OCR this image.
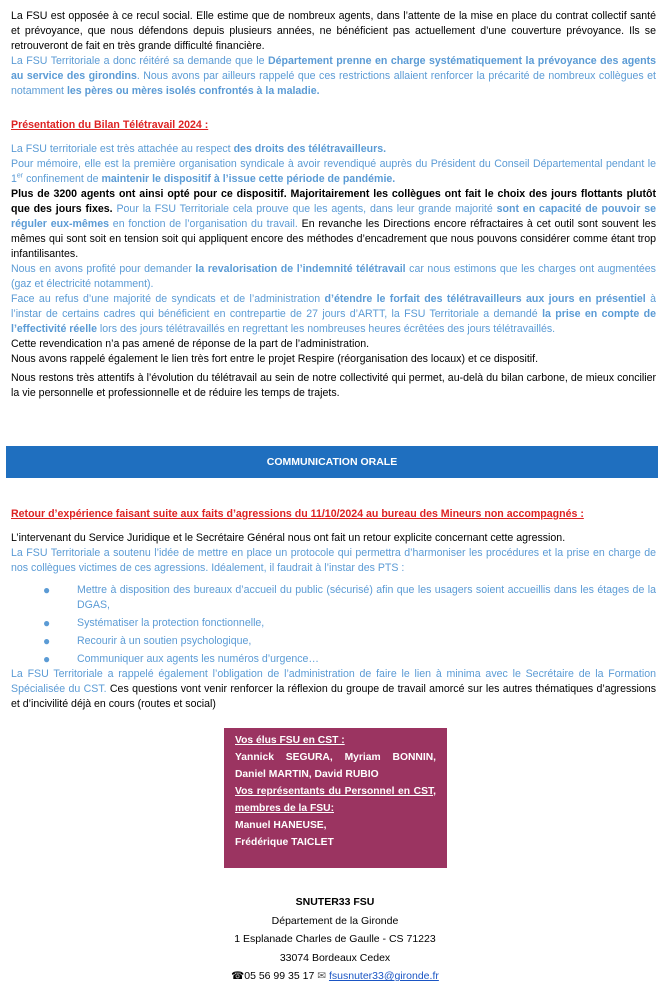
La FSU est opposée à ce recul social. Elle estime que de nombreux agents, dans l’attente de la mise en place du contrat collectif santé et prévoyance, que nous défendons depuis plusieurs années, ne bénéficient pas actuellement d’une couverture prévoyance. Ils se retrouveront de fait en très grande difficulté financière.

La FSU Territoriale a donc réitéré sa demande que le Département prenne en charge systématiquement la prévoyance des agents au service des girondins. Nous avons par ailleurs rappelé que ces restrictions allaient renforcer la précarité de nombreux collègues et notamment les pères ou mères isolés confrontés à la maladie.

Présentation du Bilan Télétravail 2024 :

La FSU territoriale est très attachée au respect des droits des télétravailleurs.

Pour mémoire, elle est la première organisation syndicale à avoir revendiqué auprès du Président du Conseil Départemental pendant le 1er confinement de maintenir le dispositif à l’issue cette période de pandémie.

Plus de 3200 agents ont ainsi opté pour ce dispositif. Majoritairement les collègues ont fait le choix des jours flottants plutôt que des jours fixes. Pour la FSU Territoriale cela prouve que les agents, dans leur grande majorité sont en capacité de pouvoir se réguler eux-mêmes en fonction de l’organisation du travail. En revanche les Directions encore réfractaires à cet outil sont souvent les mêmes qui sont soit en tension soit qui appliquent encore des méthodes d’encadrement que nous pouvons considérer comme étant trop infantilisantes.

Nous en avons profité pour demander la revalorisation de l’indemnité télétravail car nous estimons que les charges ont augmentées (gaz et électricité notamment).

Face au refus d’une majorité de syndicats et de l’administration d’étendre le forfait des télétravailleurs aux jours en présentiel à l’instar de certains cadres qui bénéficient en contrepartie de 27 jours d’ARTT, la FSU Territoriale a demandé la prise en compte de l’effectivité réelle lors des jours télétravaillés en regrettant les nombreuses heures écrêtées des jours télétravaillés.

Cette revendication n’a pas amené de réponse de la part de l’administration.

Nous avons rappelé également le lien très fort entre le projet Respire (réorganisation des locaux) et ce dispositif.

Nous restons très attentifs à l’évolution du télétravail au sein de notre collectivité qui permet, au-delà du bilan carbone, de mieux concilier la vie personnelle et professionnelle et de réduire les temps de trajets.

Retour d’expérience faisant suite aux faits d’agressions du 11/10/2024 au bureau des Mineurs non accompagnés :

L’intervenant du Service Juridique et le Secrétaire Général nous ont fait un retour explicite concernant cette agression.

La FSU Territoriale a soutenu l’idée de mettre en place un protocole qui permettra d’harmoniser les procédures et la prise en charge de nos collègues victimes de ces agressions. Idéalement, il faudrait à l’instar des PTS :

●	Mettre à disposition des bureaux d’accueil du public (sécurisé) afin que les usagers soient accueillis dans les étages de la DGAS,
●	Systématiser la protection fonctionnelle,
●	Recourir à un soutien psychologique,
●	Communiquer aux agents les numéros d’urgence…

La FSU Territoriale a rappelé également l’obligation de l’administration de faire le lien à minima avec le Secrétaire de la Formation Spécialisée du CST. Ces questions vont venir renforcer la réflexion du groupe de travail amorcé sur les autres thématiques d’agressions et d’incivilité déjà en cours (routes et social)

COMMUNICATION ORALE

Vos élus FSU en CST :

Yannick SEGURA, Myriam BONNIN, Daniel MARTIN, David RUBIO

Vos représentants du Personnel en CST, membres de la FSU:

Manuel HANEUSE,

Frédérique TAICLET

SNUTER33 FSU
Département de la Gironde
1 Esplanade Charles de Gaulle - CS 71223
33074 Bordeaux Cedex
☎05 56 99 35 17 ✉ fsusnuter33@gironde.fr
